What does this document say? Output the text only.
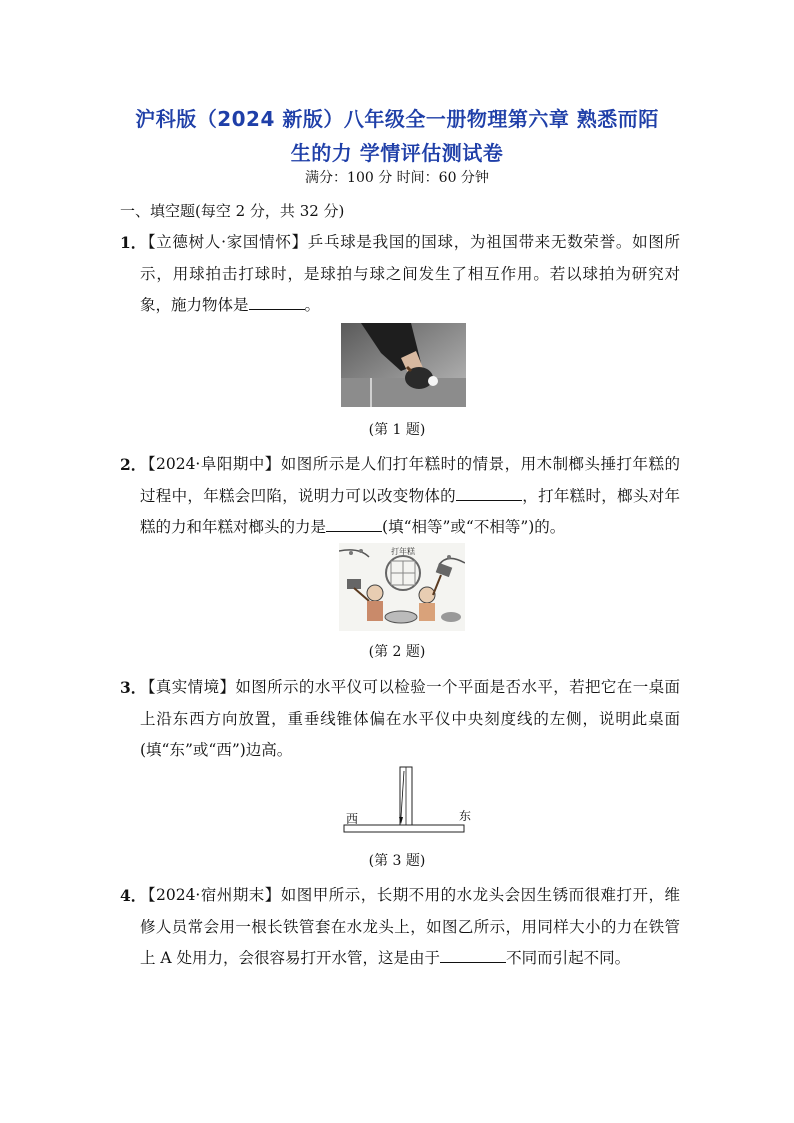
沪科版（2024 新版）八年级全一册物理第六章 熟悉而陌
生的力 学情评估测试卷
满分：100 分 时间：60 分钟
一、填空题(每空 2 分，共 32 分)
1．
【立德树人·家国情怀】乒乓球是我国的国球，为祖国带来无数荣誉。如图所示，用球拍击打球时，是球拍与球之间发生了相互作用。若以球拍为研究对象，施力物体是	。
(第 1 题)
2．
【2024·阜阳期中】如图所示是人们打年糕时的情景，用木制榔头捶打年糕的过程中，年糕会凹陷，说明力可以改变物体的	，打年糕时，榔头对年糕的力和年糕对榔头的力是	(填“相等”或“不相等”)的。
打年糕
(第 2 题)
3．
【真实情境】如图所示的水平仪可以检验一个平面是否水平，若把它在一桌面上沿东西方向放置，重垂线锥体偏在水平仪中央刻度线的左侧，说明此桌面(填“东”或“西”)边高。
西	东
(第 3 题)
4．
【2024·宿州期末】如图甲所示，长期不用的水龙头会因生锈而很难打开，维修人员常会用一根长铁管套在水龙头上，如图乙所示，用同样大小的力在铁管上 A 处用力，会很容易打开水管，这是由于	不同而引起不同。
